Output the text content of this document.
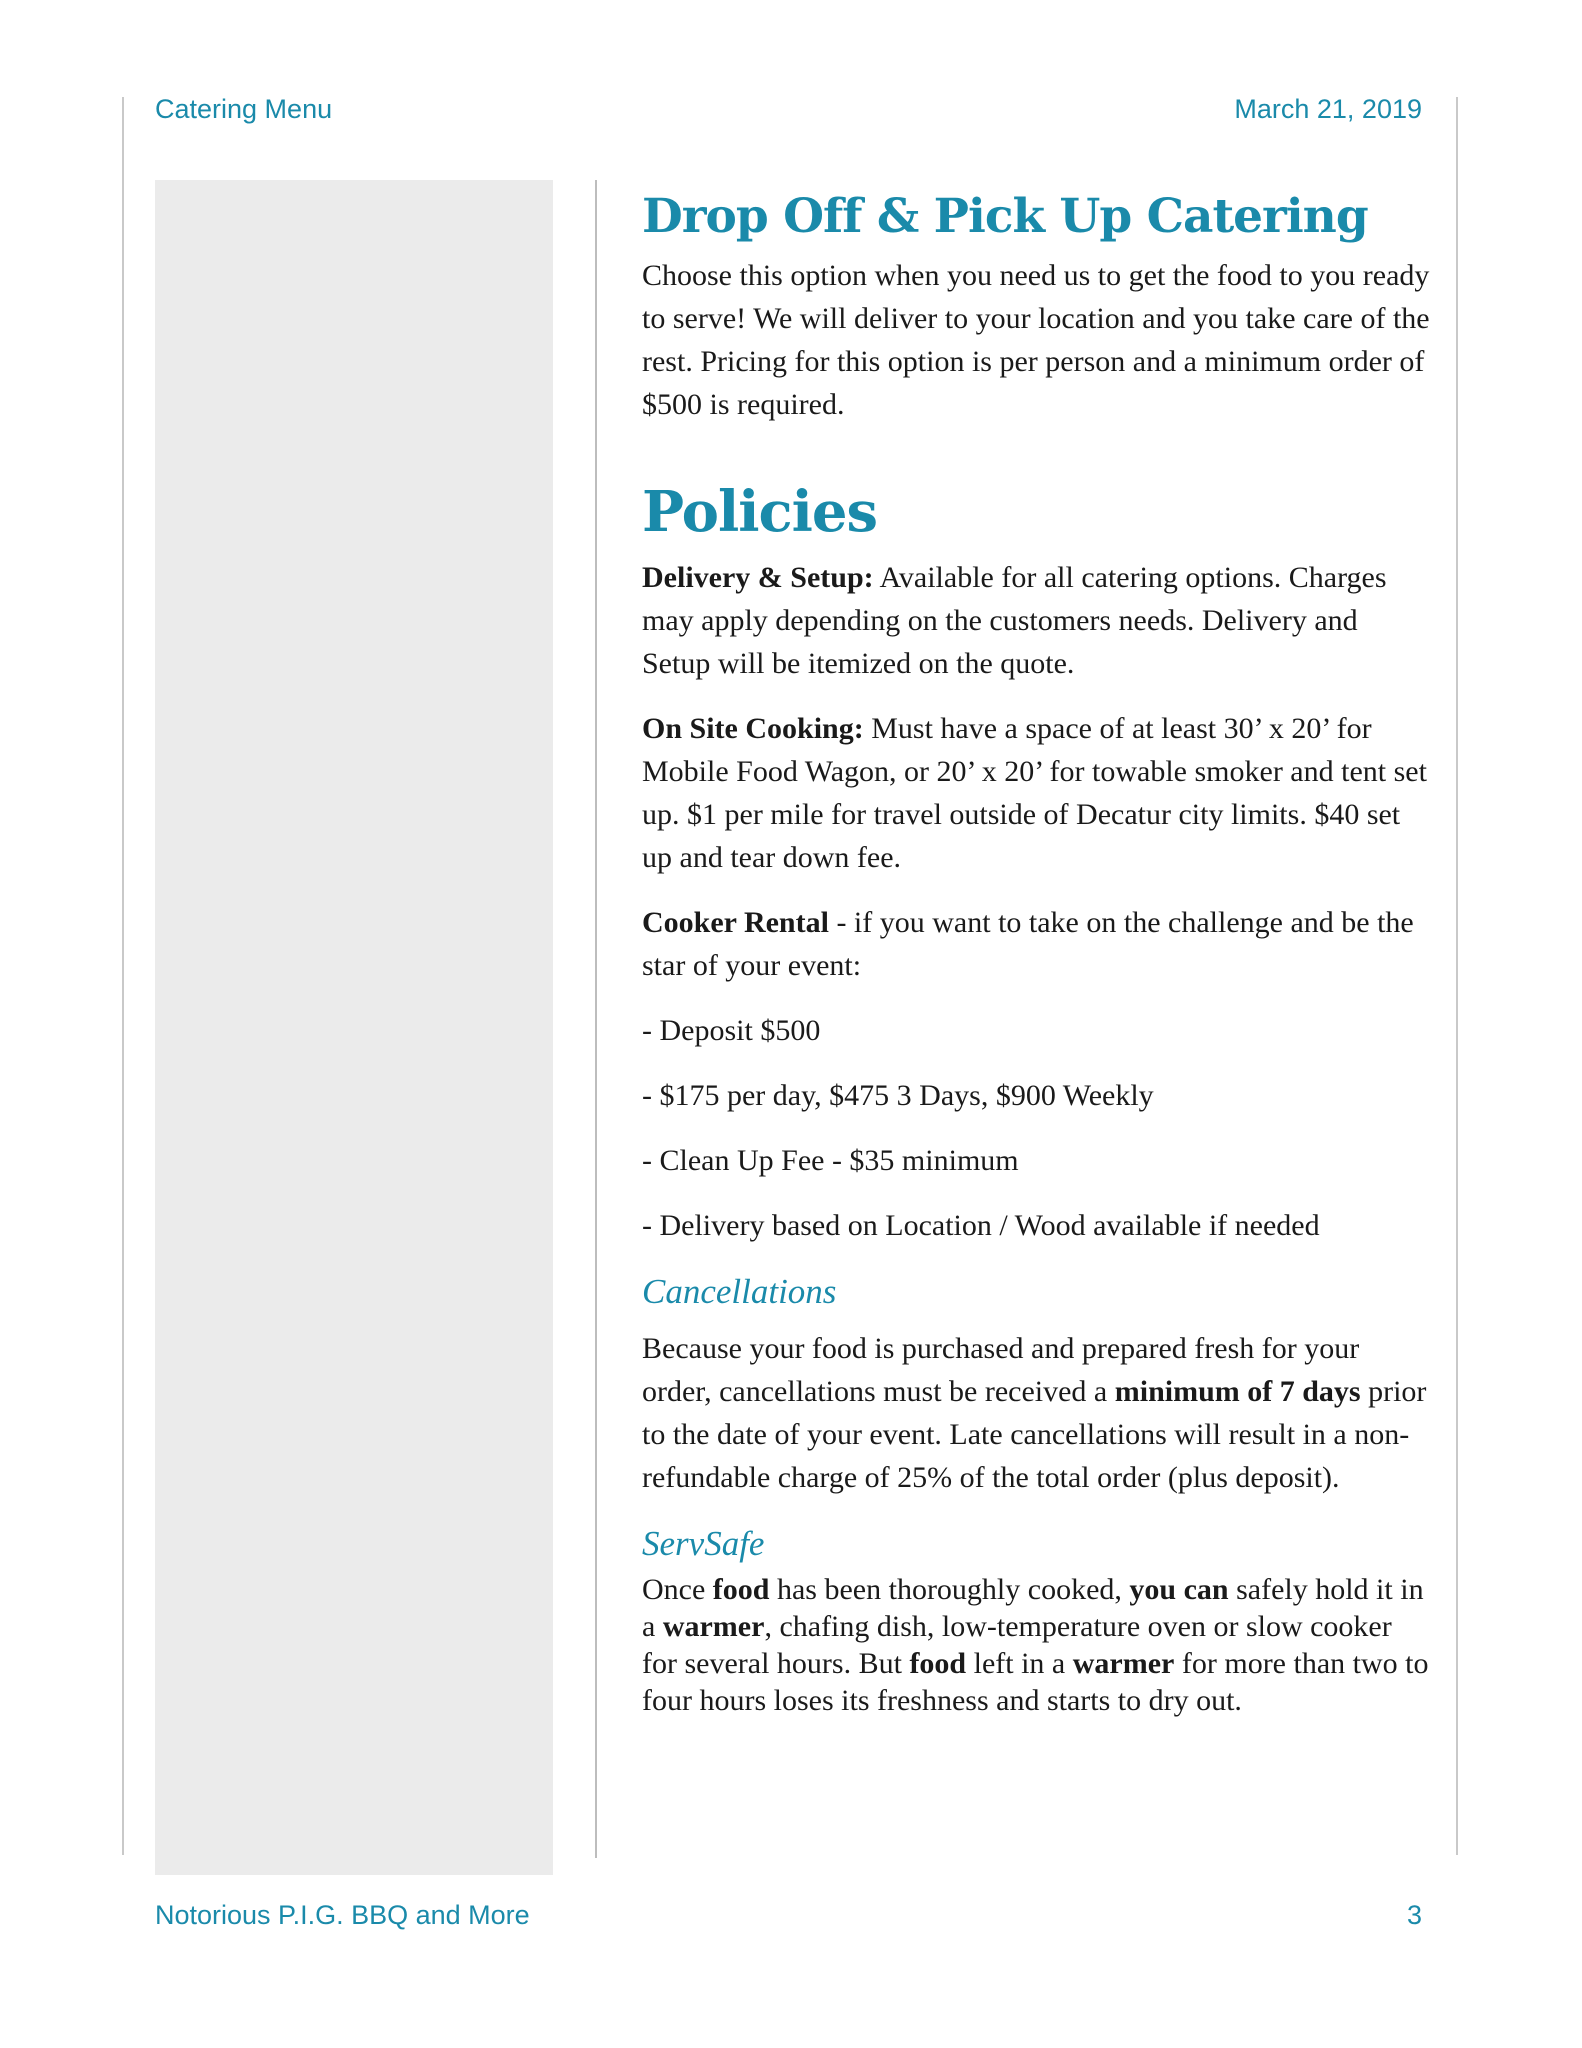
Catering Menu	March 21, 2019
Drop Off & Pick Up Catering

Choose this option when you need us to get the food to you ready to serve! We will deliver to your location and you take care of the rest. Pricing for this option is per person and a minimum order of $500 is required.

Policies

Delivery & Setup: Available for all catering options. Charges may apply depending on the customers needs. Delivery and Setup will be itemized on the quote.

On Site Cooking: Must have a space of at least 30’ x 20’ for Mobile Food Wagon, or 20’ x 20’ for towable smoker and tent set up. $1 per mile for travel outside of Decatur city limits. $40 set up and tear down fee.

Cooker Rental - if you want to take on the challenge and be the star of your event:

- Deposit $500

- $175 per day, $475 3 Days, $900 Weekly

- Clean Up Fee - $35 minimum

- Delivery based on Location / Wood available if needed

Cancellations

Because your food is purchased and prepared fresh for your order, cancellations must be received a minimum of 7 days prior to the date of your event. Late cancellations will result in a non-refundable charge of 25% of the total order (plus deposit).

ServSafe

Once food has been thoroughly cooked, you can safely hold it in a warmer, chafing dish, low-temperature oven or slow cooker for several hours. But food left in a warmer for more than two to four hours loses its freshness and starts to dry out.

Notorious P.I.G. BBQ and More	3
